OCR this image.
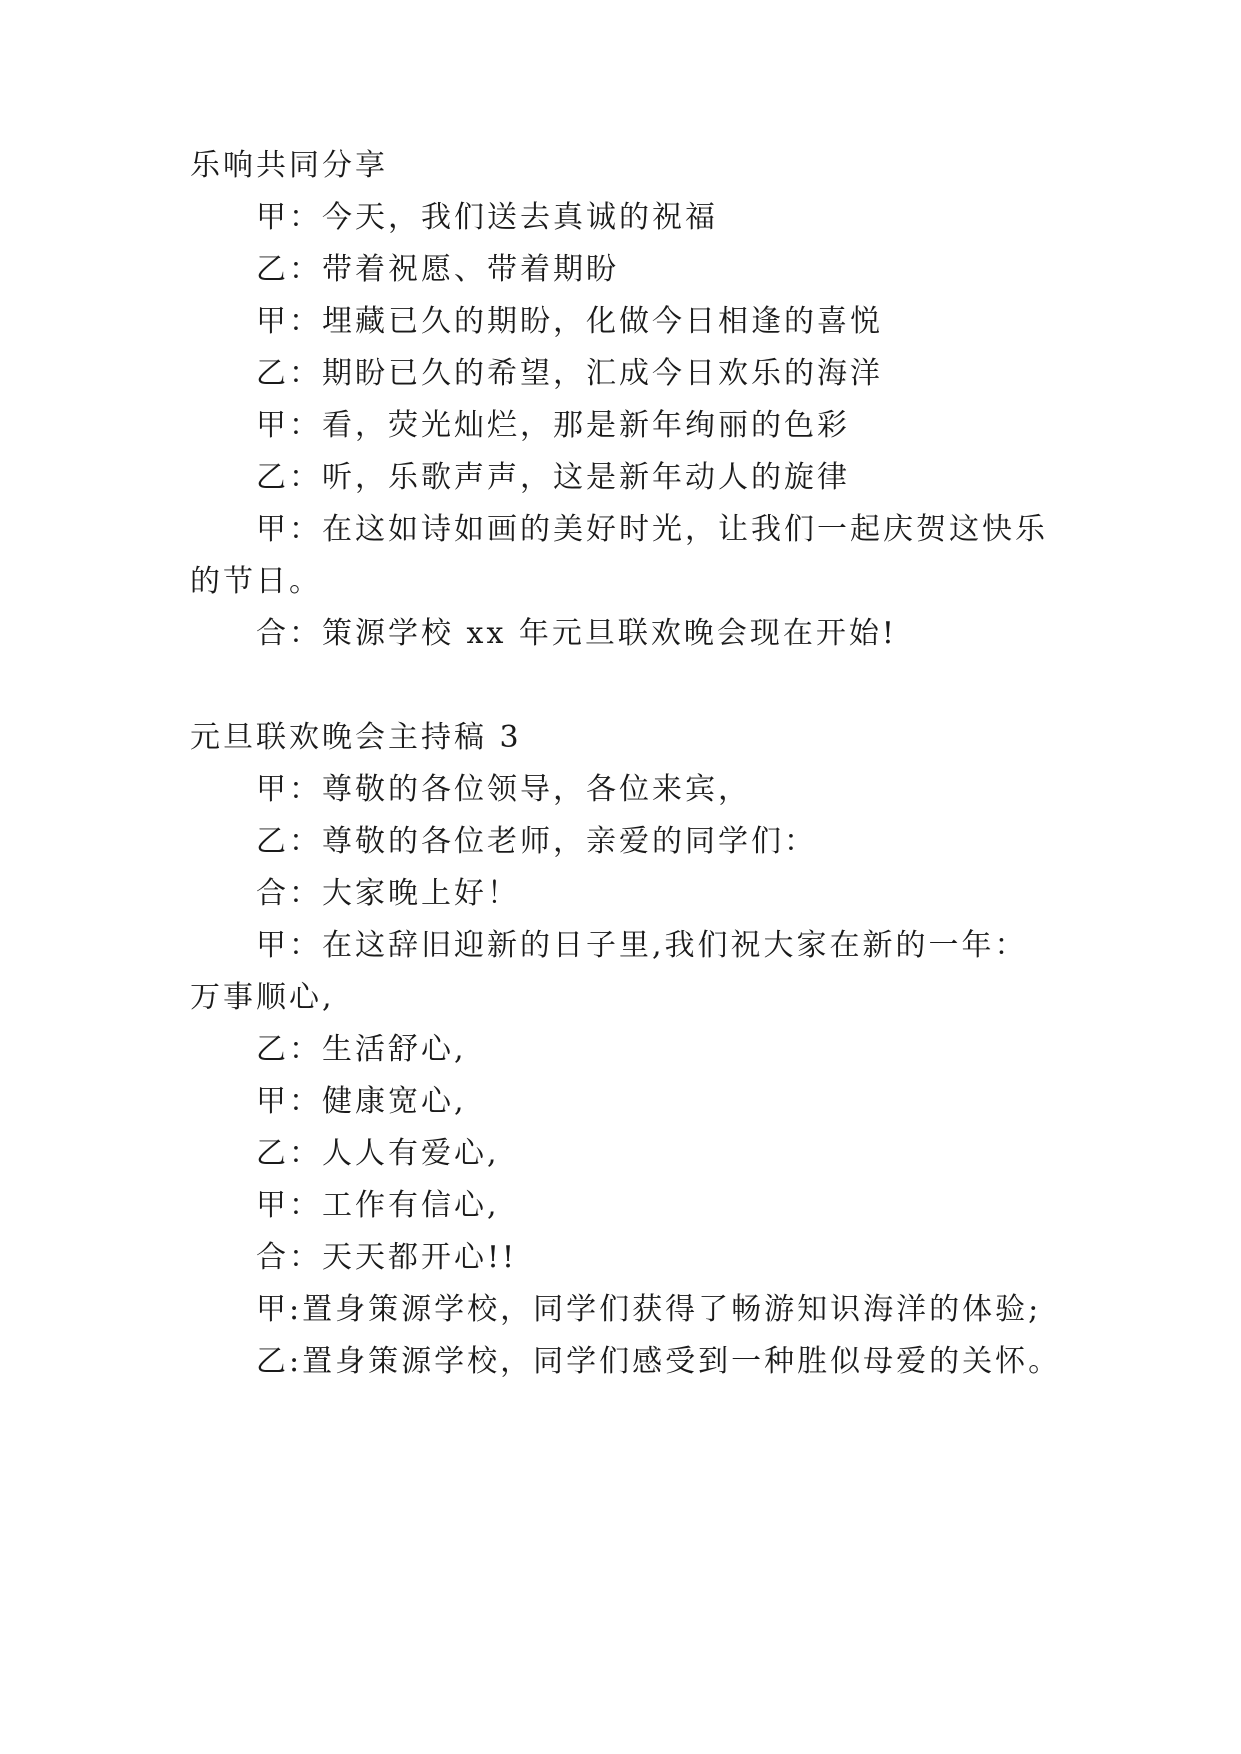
乐响共同分享
甲：今天，我们送去真诚的祝福
乙：带着祝愿、带着期盼
甲：埋藏已久的期盼，化做今日相逢的喜悦
乙：期盼已久的希望，汇成今日欢乐的海洋
甲：看，荧光灿烂，那是新年绚丽的色彩
乙：听，乐歌声声，这是新年动人的旋律
甲：在这如诗如画的美好时光，让我们一起庆贺这快乐
的节日。
合：策源学校 xx 年元旦联欢晚会现在开始!
元旦联欢晚会主持稿 3
甲：尊敬的各位领导，各位来宾，
乙：尊敬的各位老师，亲爱的同学们：
合：大家晚上好！
甲：在这辞旧迎新的日子里,我们祝大家在新的一年：
万事顺心,
乙：生活舒心,
甲：健康宽心,
乙：人人有爱心,
甲：工作有信心,
合：天天都开心!!
甲:置身策源学校，同学们获得了畅游知识海洋的体验;
乙:置身策源学校，同学们感受到一种胜似母爱的关怀。
